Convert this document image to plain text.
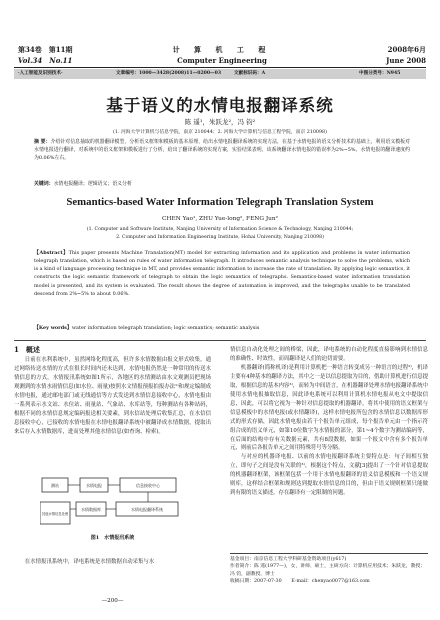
第34卷　第11期
Vol.34　No.11
计 算 机 工 程
Computer Engineering
2008年6月
June 2008
·人工智能及识别技术·	文章编号：1000—3428(2008)11—0200—03	文献标识码：A	中图分类号：N945
基于语义的水情电报翻译系统
陈 遥¹，朱跃龙²，冯 钧²
(1. 河海大学计算机与信息学院，南京 210044；2. 河海大学计算机与信息工程学院，南京 210098)
摘 要：介绍针对信息抽取的机器翻译模型，分析语义框架和模板的基本原理，给出水情电报翻译系统的实现方法，在基于水情电报的语义分析技术的基础上，利用语义模板对水情电报进行翻译，对系统中的语义框架和模板进行了分析，给出了翻译系统的实现方案，实验结果表明，该系统翻译水情电报的错误率为2%~5%，水情电报的翻译速度约为0.06%左右。
关键词：水情电报翻译；逻辑语义；语义分析
Semantics-based Water Information Telegraph Translation System
CHEN Yao¹, ZHU Yue-long², FENG Jun²
(1. Computer and Software Institute, Nanjing University of Information Science & Technology, Nanjing 210044;
2. Computer and Information Engineering Institute, Hohai University, Nanjing 210098)
【Abstract】This paper presents Machine Translation(MT) model for extracting information and its application and problems in water information telegraph translation, which is based on rules of water information telegraph. It introduces semantic analysis technique to solve the problems, which is a kind of language processing technique in MT, and provides semantic information to increase the rate of translation. By applying logic semantics, it constructs the logic semantic framework of telegraph to obtain the logic semantics of telegraphs. Semantics-based water information translation model is presented, and its system is evaluated. The result shows the degree of automation is improved, and the telegraphs unable to be translated descend from 2%~5% to about 0.06%.
【Key words】water information telegraph translation; logic semantics; semantic analysis
1　概述

日前在水利系统中，虽然网络化程度高，但许多水情数据由报文形式收集，通过网络传送水情的方式在很长时间内还未达到，水情电报仍然是一种常用的传送水情信息的方式，水情报汛系统如图1所示，各地区的水情测站由水文观测员把现场观测到的水情水雨情信息(如水位、雨量)按照水文情报预报拍报办法¹⁾和规定编制成水情电报，通过邮电部门或无线通信等方式发送到水情信息接收中心，水情电报由一系列表示水文站、水位站、雨量站、气象站、水库站等，每种测站有各种站码，根据不同的水情信息规定编码报送相关要素，到水信站处理后收集汇总，在水信信息接收中心，已接收的水情电报在水情电报翻译系统中被翻译成水情数据，提取出来后存入水情数据库，进而处理其他水情信息(如查询、检索)。

测站	水情电报	信息接收中心
水情电报翻译系统
水情数据库
其他水情信息处理
图1　水情报汛系统

在水情报汛系统中，译电系统是水情数据自动采集与水

—200—

情信息自动化处理之间的桥梁，因此，译电系统的自动化程度直接影响到水情信息的准确性、时效性，而周翻译是人们的迫切需要。

机器翻译(简称机译)是利用计算机把一种语言转变成另一种语言的过程²⁾，机译主要有4种基本的翻译方法，其中之一是以信息提取为目的，借助计算机进行信息提取，根据信息的基本内容³⁾，而转为中间语言，在机器翻译处理水情电报翻译系统中使用水情电报抽取信息，因此译电系统可以利用计算机水情电报从电文中提取信息，因此，可以将它视为一种针对信息提取的机器翻译，将其中使用的语义框架与信息模板中的水情电报(或水情翻译)，这样水情电报所包含的水情信息以数据库形式的形式存储，因此水情电报由若干个报告单元组成，每个报告单元由一个指示符组合成的语义单元，如第10位数字为水情报的部分，第1~4个数字为测站编码等，在后面的结构中存有关数据元素，共有8段数据，如果一个报文中含有多个报告单元，则前后各报告单元之间用特殊符号等分隔。

与对应的机器译电报、以前的水情电报翻译系统主要特点是：句子间相互独立，即句子之间是没有关联的³⁾，根据这个特点，文献[3]提出了一个针对信息提取的机器翻译框架，该框架包括一个用于水情电报翻译的语义信息模板和一个语义规则库，这样结合框架和规则达到提取水情信息的目的，但由于语义规则框架只能做到有限的语义描述，存在翻译有一定限制的问题。

基金项目：南京信息工程大学科研基金资助项目(y617)
作者简介：陈 遥(1977—)，女，讲师、硕士，主研方向：计算机应用技术；朱跃龙，教授；冯 钧，副教授，博士
收稿日期：2007-07-30　　E-mail：chenyao0077@163.com
